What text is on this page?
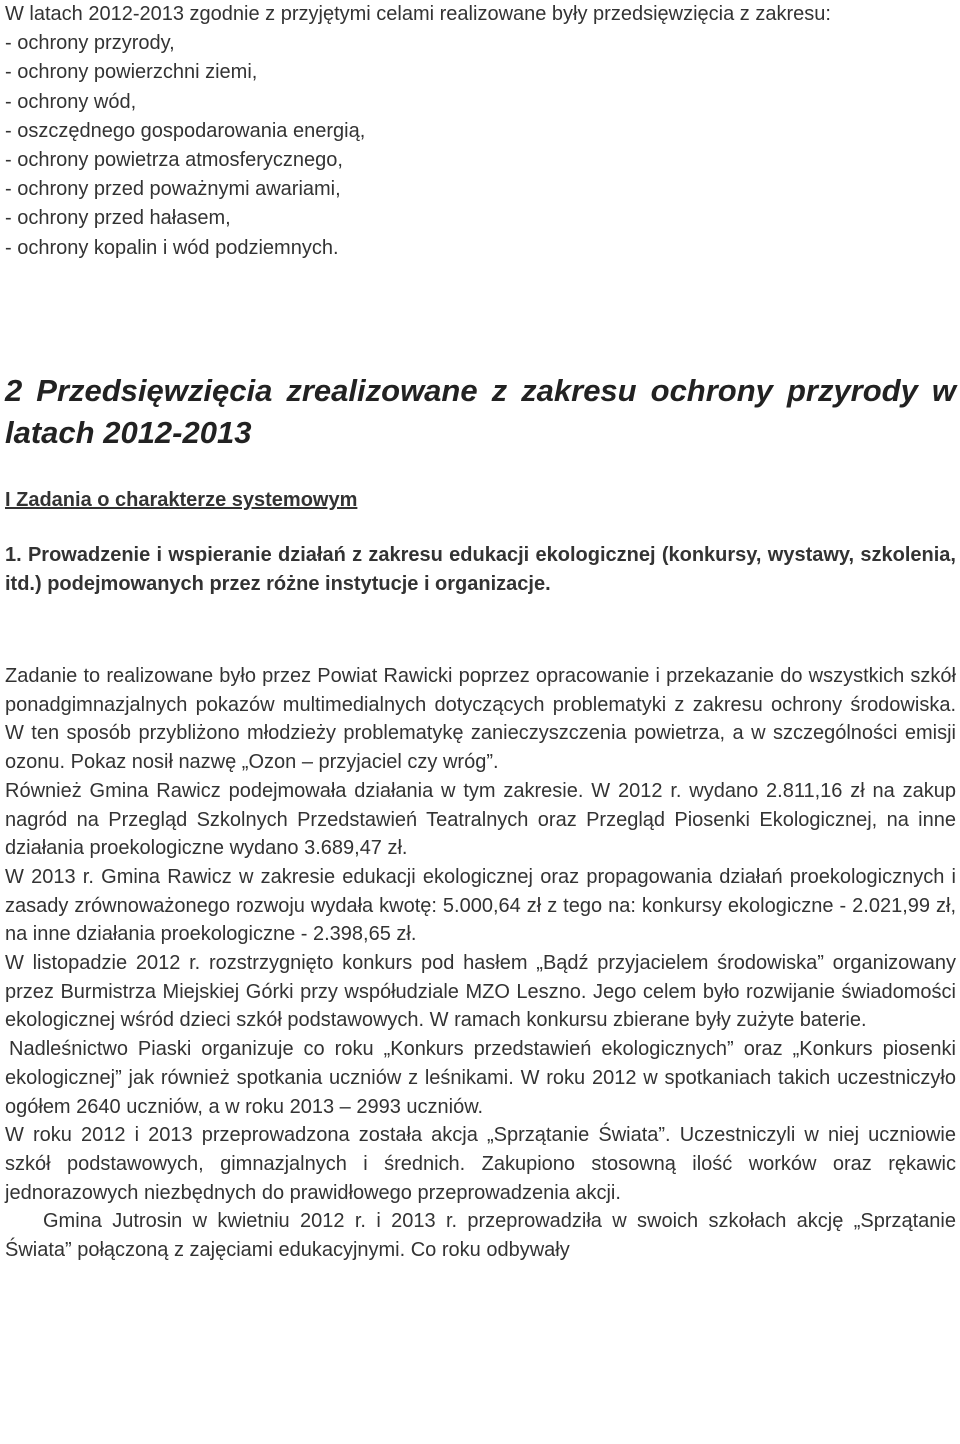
W latach 2012-2013 zgodnie z przyjętymi celami realizowane były przedsięwzięcia z zakresu:

- ochrony przyrody,

- ochrony powierzchni ziemi,

- ochrony wód,

- oszczędnego gospodarowania energią,

- ochrony powietrza atmosferycznego,

- ochrony przed poważnymi awariami,

- ochrony przed hałasem,

- ochrony kopalin i wód podziemnych.

2 Przedsięwzięcia zrealizowane z zakresu ochrony przyrody w latach 2012-2013
I Zadania o charakterze systemowym
1. Prowadzenie i wspieranie działań z zakresu edukacji ekologicznej (konkursy, wystawy, szkolenia, itd.) podejmowanych przez różne instytucje i organizacje.

Zadanie to realizowane było przez Powiat Rawicki poprzez opracowanie i przekazanie do wszystkich szkół ponadgimnazjalnych pokazów multimedialnych dotyczących problematyki z zakresu ochrony środowiska. W ten sposób przybliżono młodzieży problematykę zanieczyszczenia powietrza, a w szczególności emisji ozonu. Pokaz nosił nazwę „Ozon – przyjaciel czy wróg”.

Również Gmina Rawicz podejmowała działania w tym zakresie. W 2012 r. wydano 2.811,16 zł na zakup nagród na Przegląd Szkolnych Przedstawień Teatralnych oraz Przegląd Piosenki Ekologicznej, na inne działania proekologiczne wydano 3.689,47 zł.

W 2013 r. Gmina Rawicz w zakresie edukacji ekologicznej oraz propagowania działań proekologicznych i zasady zrównoważonego rozwoju wydała kwotę: 5.000,64 zł z tego na: konkursy ekologiczne - 2.021,99 zł, na inne działania proekologiczne - 2.398,65 zł.

W listopadzie 2012 r. rozstrzygnięto konkurs pod hasłem „Bądź przyjacielem środowiska” organizowany przez Burmistrza Miejskiej Górki przy współudziale MZO Leszno. Jego celem było rozwijanie świadomości ekologicznej wśród dzieci szkół podstawowych. W ramach konkursu zbierane były zużyte baterie.

Nadleśnictwo Piaski organizuje co roku „Konkurs przedstawień ekologicznych” oraz „Konkurs piosenki ekologicznej” jak również spotkania uczniów z leśnikami. W roku 2012 w spotkaniach takich uczestniczyło ogółem 2640 uczniów, a w roku 2013 – 2993 uczniów.

W roku 2012 i 2013 przeprowadzona została akcja „Sprzątanie Świata”. Uczestniczyli w niej uczniowie szkół podstawowych, gimnazjalnych i średnich. Zakupiono stosowną ilość worków oraz rękawic jednorazowych niezbędnych do prawidłowego przeprowadzenia akcji.

Gmina Jutrosin w kwietniu 2012 r. i 2013 r. przeprowadziła w swoich szkołach akcję „Sprzątanie Świata” połączoną z zajęciami edukacyjnymi. Co roku odbywały
